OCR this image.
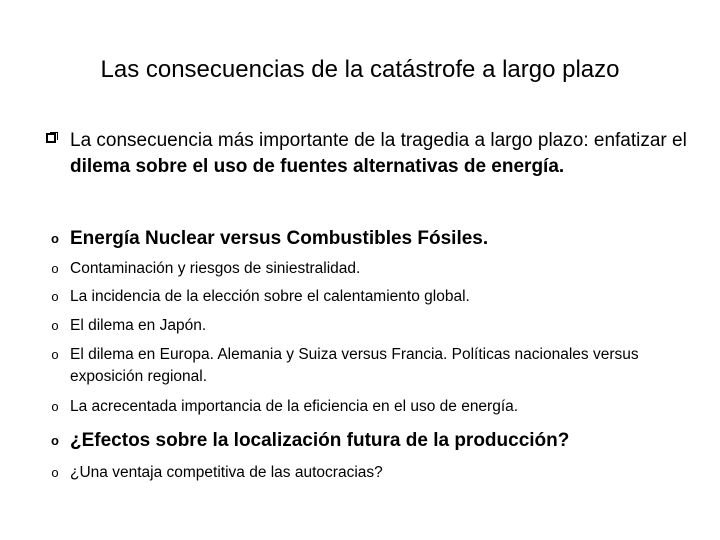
Las consecuencias de la catástrofe a largo plazo
La consecuencia más importante de la tragedia a largo plazo: enfatizar el dilema sobre el uso de fuentes alternativas de energía.
o Energía Nuclear versus Combustibles Fósiles.
o Contaminación y riesgos de siniestralidad.
o La incidencia de la elección sobre el calentamiento global.
o El dilema en Japón.
o El dilema en Europa. Alemania y Suiza versus Francia. Políticas nacionales versus exposición regional.
o La acrecentada importancia de la eficiencia en el uso de energía.
o ¿Efectos sobre la localización futura de la producción?
o ¿Una ventaja competitiva de las autocracias?
